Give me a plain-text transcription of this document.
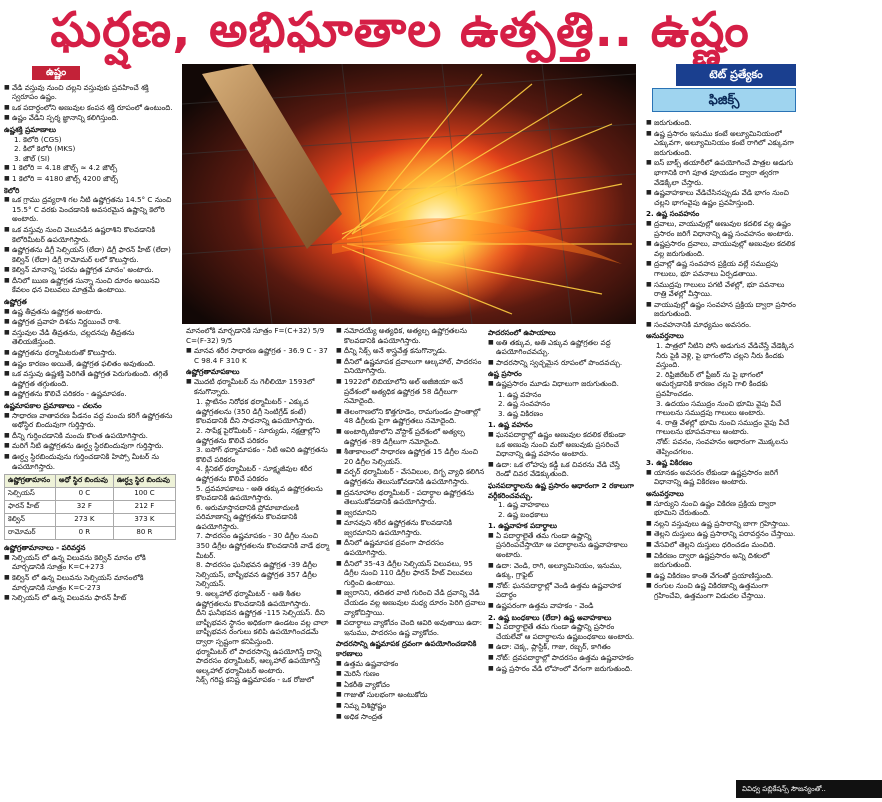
ఘర్షణ, అభిఘాతాల ఉత్పత్తి.. ఉష్ణం
ఉష్ణం
■ వేడి వస్తువు నుంచి చల్లని వస్తువుకు ప్రవహించే శక్తి స్వరూపం ఉష్ణం.
■ ఒక పదార్థంలోని అణువుల కంపన శక్తి రూపంలో ఉంటుంది.
■ ఉష్ణం వేడిని స్పర్శ జ్ఞానాన్ని కలిగిస్తుంది.
ఉష్ణశక్తి ప్రమాణాలు
1. కెలోరి (CGS)
2. కిలో కెలోరి (MKS)
3. జౌల్ (SI)
■ 1 కెలోరి = 4.18 జౌల్స్ ≈ 4.2 జౌల్స్
■ 1 కెలోరి = 4180 జౌల్స్ 4200 జౌల్స్
కెలోరి
■ ఒక గ్రాము ద్రవ్యరాశి గల నీటి ఉష్ణోగ్రతను 14.5° C నుంచి 15.5° C వరకు పెంచడానికి అవసరమైన ఉష్ణాన్ని కెలోరి అంటారు.
■ ఒక వస్తువు నుంచి వెలువడిన ఉష్ణరాశిని కొలవడానికి కెలోరిమీటర్ ఉపయోగిస్తారు.
■ ఉష్ణోగ్రతను డిగ్రీ సెల్సియస్ (లేదా) డిగ్రీ ఫారన్ హీట్ (లేదా) కెల్విన్ (లేదా) డిగ్రీ రామోమర్ లలో కొలుస్తారు.
■ కెల్విన్ మానాన్ని 'పరమ ఉష్ణోగ్రత మానం' అంటారు.
■ దీనిలో ఋణ ఉష్ణోగ్రత సున్నా నుంచి దూరం అయినవి కేవలం ధన విలువలు మాత్రమే ఉంటాయి.
ఉష్ణోగ్రత
■ ఉష్ణ తీవ్రతను ఉష్ణోగ్రత అంటారు.
■ ఉష్ణోగ్రత ప్రవాహ దిశను నిర్ణయించే రాశి.
■ వస్తువుల వేడి తీవ్రతను, చల్లదనపు తీవ్రతను తెలియజేస్తుంది.
■ ఉష్ణోగ్రతను థర్మామీటరుతో కొలుస్తారు.
■ ఉష్ణం కారణం అయితే, ఉష్ణోగ్రత ఫలితం అవుతుంది.
■ ఒక వస్తువు ఉష్ణశక్తి పెరిగితే ఉష్ణోగ్రత పెరుగుతుంది. తగ్గితే ఉష్ణోగ్రత తగ్గుతుంది.
■ ఉష్ణోగ్రతను కొలిచే పరికరం - ఉష్ణమాపకం.
ఉష్ణమాపకాల ప్రమాణాలు - చలనం
■ సాధారణ వాతావరణ పీడనం వద్ద మంచు కరిగే ఉష్ణోగ్రతను అథోస్థిర బిందువుగా గుర్తిస్తారు.
■ దీన్ని గుర్తించడానికి మంచు కొలత ఉపయోగిస్తారు.
■ మరిగే నీటి ఉష్ణోగ్రతను ఊర్ధ్వ స్థిరబిందువుగా గుర్తిస్తారు.
■ ఊర్ధ్వ స్థిరబిందువును గుర్తించడానికి హిప్సో మీటర్ ను ఉపయోగిస్తారు.
ఉష్ణోగ్రతామానం	అధో స్థిర బిందువు	ఊర్ధ్వ స్థిర బిందువు
సెల్సియస్	0 C	100 C
ఫారన్ హీట్	32 F	212 F
కెల్విన్	273 K	373 K
రామోమర్	0 R	80 R
ఉష్ణోగ్రతామానాలు - పరివర్తన
■ సెల్సియస్ లో ఉన్న విలువను కెల్విన్ మానం లోకి మార్చడానికి సూత్రం K=C+273
■ కెల్విన్ లో ఉన్న విలువను సెల్సియస్ మానంలోకి మార్చడానికి సూత్రం K=C-273
■ సెల్సియస్ లో ఉన్న విలువను ఫారన్ హీట్

మానంలోకి మార్చడానికి సూత్రం F=(C+32) 5/9 C=(F-32) 9/5

■ మానవ శరీర సాధారణ ఉష్ణోగ్రత - 36.9 C - 37 C 98.4 F 310 K
ఉష్ణోగ్రతామాపకాలు
■ మొదటి థర్మామీటర్ ను గెలీలియో 1593లో కనుగొన్నారు.
1. ప్లాటినం నిరోధక థర్మామీటర్ - ఎక్కువ ఉష్ణోగ్రతలను (350 డిగ్రీ సెంటిగ్రేడ్ కంటే) కొలవడానికి దీని సాధనాన్ని ఉపయోగిస్తారు.
2. సాపేక్ష పైరోమీటర్ - సూర్యుడు, నక్షత్రాల్లోని ఉష్ణోగ్రతను కొలిచే పరికరం
3. ఐసోగ్ థర్మామాపకం - నీటి ఆవిరి ఉష్ణోగ్రతను కొలిచే పరికరం
4. క్లినికల్ థర్మామీటర్ - సూక్ష్మజీవుల శరీర ఉష్ణోగ్రతను కొలిచే పరికరం
5. ద్రవమాపకాలు - ఆతి తక్కువ ఉష్ణోగ్రతలను కొలవడానికి ఉపయోగిస్తారు.
6. ఆరుమాస్తానదానికి ప్రోమాబాదులకి పరిమాణాన్ని ఉష్ణోగ్రతను కొలవడానికి ఉపయోగిస్తారు.
7. పాదరసం ఉష్ణమాపకం - 30 డిగ్రీల నుంచి 350 డిగ్రీల ఉష్ణోగ్రతలను కొలవడానికి వాడే థర్మా మీటర్.
8. పాదరసం ఘనీభవన ఉష్ణోగ్రత -39 డిగ్రీల సెల్సియస్, బాష్పీభవన ఉష్ణోగ్రత 357 డిగ్రీల సెల్సియస్.
9. ఆల్కహాల్ థర్మామీటర్ - ఆతి శీతల ఉష్ణోగ్రతలను కొలవడానికి ఉపయోగిస్తారు.
దీని ఘనీభవన ఉష్ణోగ్రత -115 సెల్సియస్. దీని బాష్పీభవన స్థానం అధికంగా ఉండటం వల్ల చాలా బాష్పీభవన రంగులు కలిపి ఉపయోగించడమే ద్వారా స్పష్టంగా కనిపిస్తుంది.
థర్మామీటర్ లో పాదరసాన్ని ఉపయోగిస్తే దాన్ని పాదరసం థర్మామీటర్, ఆల్కహాల్ ఉపయోగిస్తే ఆల్కహాల్ థర్మామీటర్ అంటారు.
సిక్స్ గరిష్ట కనిష్ట ఉష్ణమాపకం - ఒక రోజులో
■ నమోదయ్యే అత్యధిక, అత్యల్ప ఉష్ణోగ్రతలను కొలవడానికి ఉపయోగిస్తారు.
■ దీన్ని సిక్స్ అనే శాస్త్రవేత్త కనుగొన్నాడు.
■ దీనిలో ఉష్ణమాపక ద్రవాలుగా ఆల్కహాల్, పాదరసం వినియోగిస్తారు.
■ 1922లో లిబియాలోని అల్ అజీజియా అనే ప్రదేశంలో అత్యధిక ఉష్ణోగ్రత 58 డిగ్రీలుగా నమోదైంది.
■ తెలంగాణలోని కొత్తగూడెం, రామగుండం ప్రాంతాల్లో 48 డిగ్రీలకు పైగా ఉష్ణోగ్రతలు నమోదైంది.
■ అంటార్కిటికాలోని వోస్టాక్ ప్రదేశంలో అత్యల్ప ఉష్ణోగ్రత -89 డిగ్రీలుగా నమోదైంది.
■ శీతాకాలంలో సాధారణ ఉష్ణోగ్రత 15 డిగ్రీల నుంచి 20 డిగ్రీల సెల్సియస్.
■ వర్ఫర్ థర్మామీటర్ - వేసవిలుల, దిగ్భ వ్యాధి కలిగిన ఉష్ణోగ్రతను తెలుసుకోవడానికి ఉపయోగిస్తారు.
■ ద్రవనూహాల థర్మామీటర్ - పదార్థాల ఉష్ణోగ్రతను తెలుసుకోవడానికి ఉపయోగిస్తారు.
■ జ్వరమానిని
■ మానవుని శరీర ఉష్ణోగ్రతను కొలవడానికి జ్వరమానిని ఉపయోగిస్తారు.
■ దీనిలో ఉష్ణమాపక ద్రవంగా పాదరసం ఉపయోగిస్తారు.
■ దీనిలో 35-43 డిగ్రీల సెల్సియస్ విలువలు, 95 డిగ్రీల నుంచి 110 డిగ్రీల ఫారన్ హీట్ విలువలు గుర్తించి ఉంటాయి.
■ జ్వరానిని, తదితర వాటి గురించి వేడి ద్రవాన్ని వేడి చేయడం వల్ల అణువుల మధ్య దూరం పెరిగి ద్రవాలు వ్యాకోచిస్తాయి.
■ పదార్థాలు వ్యాకోచం చెంది ఆవిరి అవుతాయి ఉదా: ఇనుము, పాదరసం ఉష్ణ వ్యాకోచం.
పాదరసాన్ని ఉష్ణమాపక ద్రవంగా ఉపయోగించడానికి కారణాలు
■ ఉత్తమ ఉష్ణవాహకం
■ మెరిసే గుణం
■ ఏకరీతి వ్యాకోచం
■ గాజుతో సులభంగా అంటుకోదు
■ నిమ్న విశిష్టోష్ణం
■ అధిక సాంద్రత
పాదరసంలో ఉపాయాలు
■ అతి తక్కువ, అతి ఎక్కువ ఉష్ణోగ్రతల వద్ద ఉపయోగించవచ్చు.
■ పాదరసాన్ని స్వచ్ఛమైన రూపంలో పొందవచ్చు.
ఉష్ణ ప్రసారం
■ ఉష్ణప్రసారం మూడు విధాలుగా జరుగుతుంది.
1. ఉష్ణ వహనం
2. ఉష్ణ సంవహనం
3. ఉష్ణ వికిరణం
1. ఉష్ణ వహనం
■ ఘనపదార్థాల్లో ఉష్ణం అణువుల కదలిక లేకుండా ఒక అణువు నుంచి మరో అణువుకు ప్రసరించే విధానాన్ని ఉష్ణ వహనం అంటారు.
■ ఉదా: ఒక లోహపు కడ్డీ ఒక చివరను వేడి చేస్తే రెండో చివర వేడెక్కుతుంది.
ఘనపదార్థాలను ఉష్ణ ప్రసారం ఆధారంగా 2 రకాలుగా వర్గీకరించవచ్చు.
1. ఉష్ణ వాహకాలు
2. ఉష్ణ బంధకాలు
1. ఉష్ణవాహక పదార్థాలు
■ ఏ పదార్థాలైతే తమ గుండా ఉష్ణాన్ని ప్రసరింపచేస్తాయో ఆ పదార్థాలను ఉష్ణవాహకాలు అంటారు.
■ ఉదా: వెండి, రాగి, అల్యూమినియం, ఇనుము, ఉక్కు, గ్రాఫైట్
■ నోట్: ఘనపదార్థాల్లో వెండి ఉత్తమ ఉష్ణవాహక పదార్థం
■ ఉష్ణపరంగా ఉత్తమ వాహకం - వెండి
2. ఉష్ణ బంధకాలు (లేదా) ఉష్ణ అవాహకాలు
■ ఏ పదార్థాలైతే తమ గుండా ఉష్ణాన్ని ప్రసారం చేయలేవో ఆ పదార్థాలను ఉష్ణబంధకాలు అంటారు.
■ ఉదా: చెక్క, ప్లాస్టిక్, గాజు, రబ్బర్, కాగితం
■ నోట్: ద్రవపదార్థాల్లో పాదరసం ఉత్తమ ఉష్ణవాహకం
■ ఉష్ణ ప్రసారం వేడి లోహంలో వేగంగా జరుగుతుంది.
టెట్ ప్రత్యేకం
ఫిజిక్స్
■ జరుగుతుంది.
■ ఉష్ణ ప్రసారం ఇనుము కంటే అల్యూమినియంలో ఎక్కువగా, అల్యూమినియం కంటే రాగిలో ఎక్కువగా జరుగుతుంది.
■ ఐస్ బాక్స్ తయారీలో ఉపయోగించే పాత్రల అడుగు భాగానికి రాగి పూత పూయడం ద్వారా త్వరగా వేడెక్కేలా చేస్తారు.
■ ఉష్ణవాహకాలు వేడిచేసినప్పుడు వేడి భాగం నుంచి చల్లని భాగంవైపు ఉష్ణం ప్రవహిస్తుంది.
2. ఉష్ణ సంవహనం
■ ద్రవాలు, వాయువుల్లో అణువుల కదలిక వల్ల ఉష్ణం ప్రసారం జరిగే విధానాన్ని ఉష్ణ సంవహనం అంటారు.
■ ఉష్ణప్రసారం ద్రవాలు, వాయువుల్లో అణువుల కదలిక వల్ల జరుగుతుంది.
■ ద్రవాల్లో ఉష్ణ సంవహన ప్రక్రియ వల్లే సముద్రపు గాలులు, భూ పవనాలు ఏర్పడతాయి.
■ సముద్రపు గాలులు పగటి వేళల్లో, భూ పవనాలు రాత్రి వేళల్లో వీస్తాయి.
■ వాయువుల్లో ఉష్ణం సంవహన ప్రక్రియ ద్వారా ప్రసారం జరుగుతుంది.
■ సంవహనానికి మాధ్యమం అవసరం.
అనువర్తనాలు
1. పాత్రలో నీటిని పోసి అడుగున వేడిచేస్తే వేడెక్కిన నీరు పైకి వెళ్లి, పై భాగంలోని చల్లని నీరు కిందకు వస్తుంది.
2. రిఫ్రిజిరేటర్ లో ఫ్రీజర్ ను పై భాగంలో అమర్చడానికి కారణం చల్లని గాలి కిందకు ప్రవహించడం.
3. ఉదయం సముద్రం నుంచి భూమి వైపు వీచే గాలులను సముద్రపు గాలులు అంటారు.
4. రాత్రి వేళల్లో భూమి నుంచి సముద్రం వైపు వీచే గాలులను భూపవనాలు అంటారు.
నోట్: పవనం, సంవహనం ఆధారంగా మొక్కలను తెప్పించగలం.
3. ఉష్ణ వికిరణం
■ యానకం అవసరం లేకుండా ఉష్ణప్రసారం జరిగే విధానాన్ని ఉష్ణ వికిరణం అంటారు.
అనువర్తనాలు
■ సూర్యుని నుంచి ఉష్ణం వికిరణ ప్రక్రియ ద్వారా భూమిని చేరుతుంది.
■ నల్లని వస్తువులు ఉష్ణ ప్రసారాన్ని బాగా గ్రహిస్తాయి.
■ తెల్లని దుస్తులు ఉష్ణ ప్రసారాన్ని పరావర్తనం చేస్తాయి.
■ వేసవిలో తెల్లని దుస్తులు ధరించడం మంచిది.
■ వికిరణం ద్వారా ఉష్ణప్రసారం అన్ని దిశలలో జరుగుతుంది.
■ ఉష్ణ వికిరణం కాంతి వేగంతో ప్రయాణిస్తుంది.
■ రంగుల నుంచి ఉష్ణ వికిరణాన్ని ఉత్తమంగా గ్రహించేవి, ఉత్తమంగా విడుదల చేస్తాయి.
వివిధ్వ పబ్లికేషన్స్ సౌజన్యంతో..
